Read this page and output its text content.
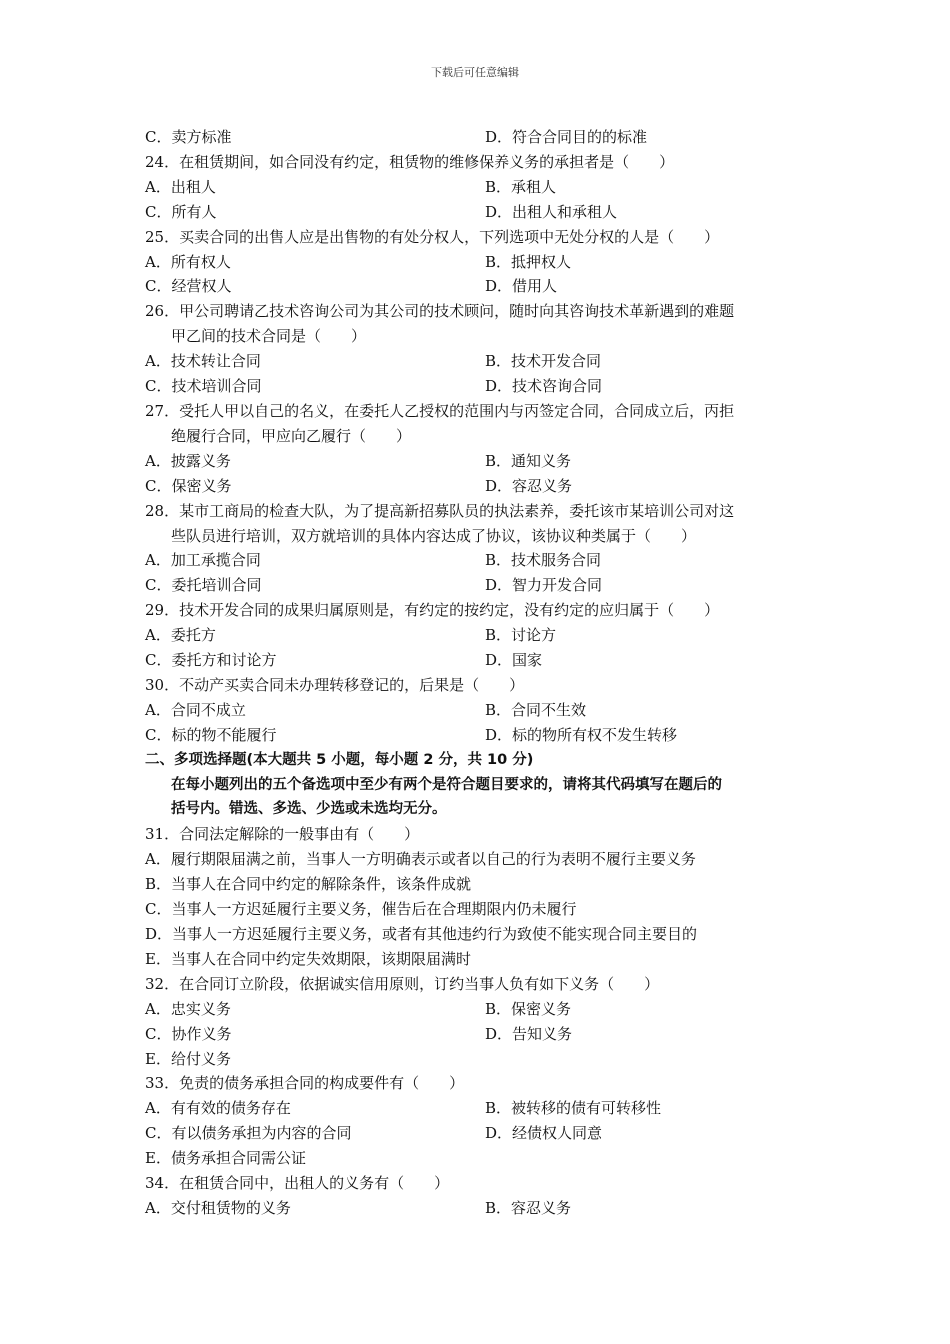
下载后可任意编辑
C．卖方标准	D．符合合同目的的标准
24．在租赁期间，如合同没有约定，租赁物的维修保养义务的承担者是（　　）
A．出租人	B．承租人
C．所有人	D．出租人和承租人
25．买卖合同的出售人应是出售物的有处分权人，下列选项中无处分权的人是（　　）
A．所有权人	B．抵押权人
C．经营权人	D．借用人
26．甲公司聘请乙技术咨询公司为其公司的技术顾问，随时向其咨询技术革新遇到的难题
甲乙间的技术合同是（　　）
A．技术转让合同	B．技术开发合同
C．技术培训合同	D．技术咨询合同
27．受托人甲以自己的名义，在委托人乙授权的范围内与丙签定合同，合同成立后，丙拒
绝履行合同，甲应向乙履行（　　）
A．披露义务	B．通知义务
C．保密义务	D．容忍义务
28．某市工商局的检查大队，为了提高新招募队员的执法素养，委托该市某培训公司对这
些队员进行培训，双方就培训的具体内容达成了协议，该协议种类属于（　　）
A．加工承揽合同	B．技术服务合同
C．委托培训合同	D．智力开发合同
29．技术开发合同的成果归属原则是，有约定的按约定，没有约定的应归属于（　　）
A．委托方	B．讨论方
C．委托方和讨论方	D．国家
30．不动产买卖合同未办理转移登记的，后果是（　　）
A．合同不成立	B．合同不生效
C．标的物不能履行	D．标的物所有权不发生转移
二、多项选择题(本大题共 5 小题，每小题 2 分，共 10 分)
在每小题列出的五个备选项中至少有两个是符合题目要求的，请将其代码填写在题后的
括号内。错选、多选、少选或未选均无分。
31．合同法定解除的一般事由有（　　）
A．履行期限届满之前，当事人一方明确表示或者以自己的行为表明不履行主要义务
B．当事人在合同中约定的解除条件，该条件成就
C．当事人一方迟延履行主要义务，催告后在合理期限内仍未履行
D．当事人一方迟延履行主要义务，或者有其他违约行为致使不能实现合同主要目的
E．当事人在合同中约定失效期限，该期限届满时
32．在合同订立阶段，依据诚实信用原则，订约当事人负有如下义务（　　）
A．忠实义务	B．保密义务
C．协作义务	D．告知义务
E．给付义务
33．免责的债务承担合同的构成要件有（　　）
A．有有效的债务存在	B．被转移的债有可转移性
C．有以债务承担为内容的合同	D．经债权人同意
E．债务承担合同需公证
34．在租赁合同中，出租人的义务有（　　）
A．交付租赁物的义务	B．容忍义务
